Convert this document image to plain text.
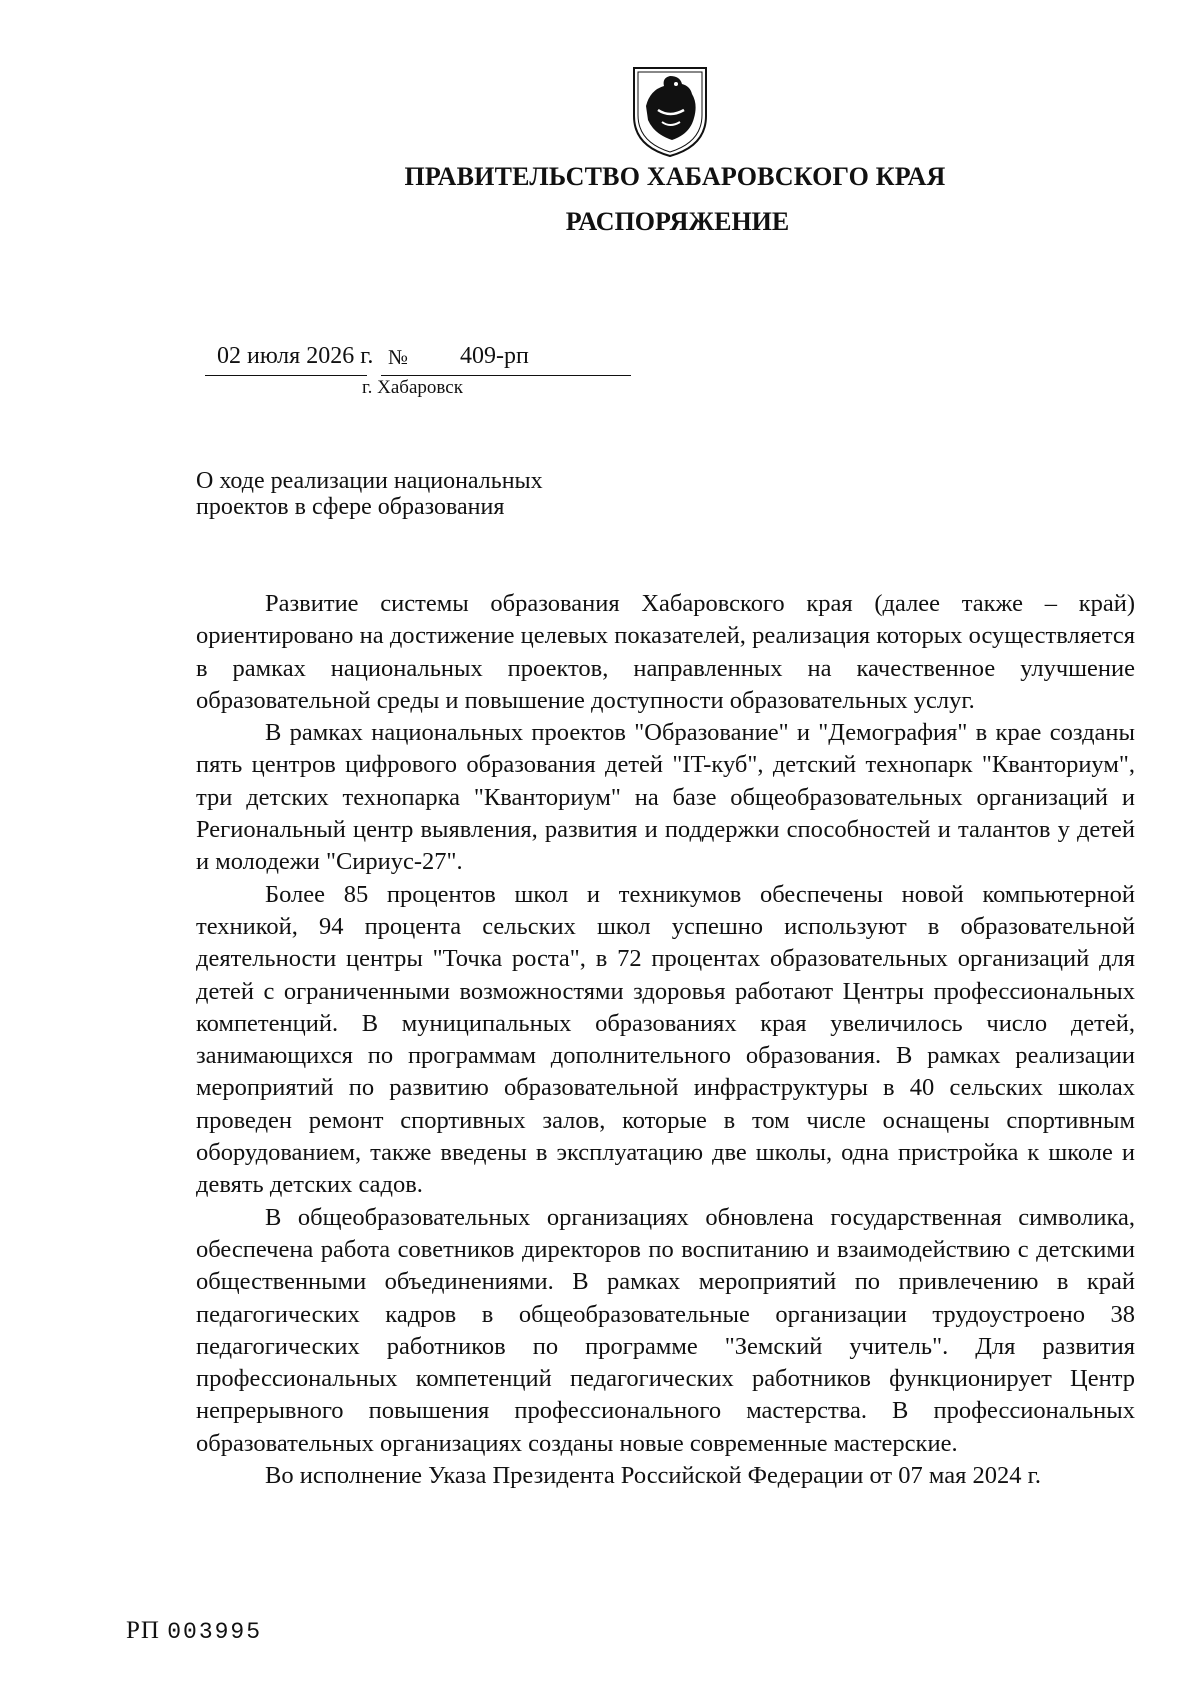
ПРАВИТЕЛЬСТВО ХАБАРОВСКОГО КРАЯ
РАСПОРЯЖЕНИЕ
02 июля 2026 г. № 409-рп
г. Хабаровск
О ходе реализации национальных
проектов в сфере образования

Развитие системы образования Хабаровского края (далее также – край) ориентировано на достижение целевых показателей, реализация которых осуществляется в рамках национальных проектов, направленных на качественное улучшение образовательной среды и повышение доступности образовательных услуг.

В рамках национальных проектов "Образование" и "Демография" в крае созданы пять центров цифрового образования детей "IT-куб", детский технопарк "Кванториум", три детских технопарка "Кванториум" на базе общеобразовательных организаций и Региональный центр выявления, развития и поддержки способностей и талантов у детей и молодежи "Сириус-27".

Более 85 процентов школ и техникумов обеспечены новой компьютерной техникой, 94 процента сельских школ успешно используют в образовательной деятельности центры "Точка роста", в 72 процентах образовательных организаций для детей с ограниченными возможностями здоровья работают Центры профессиональных компетенций. В муниципальных образованиях края увеличилось число детей, занимающихся по программам дополнительного образования. В рамках реализации мероприятий по развитию образовательной инфраструктуры в 40 сельских школах проведен ремонт спортивных залов, которые в том числе оснащены спортивным оборудованием, также введены в эксплуатацию две школы, одна пристройка к школе и девять детских садов.

В общеобразовательных организациях обновлена государственная символика, обеспечена работа советников директоров по воспитанию и взаимодействию с детскими общественными объединениями. В рамках мероприятий по привлечению в край педагогических кадров в общеобразовательные организации трудоустроено 38 педагогических работников по программе "Земский учитель". Для развития профессиональных компетенций педагогических работников функционирует Центр непрерывного повышения профессионального мастерства. В профессиональных образовательных организациях созданы новые современные мастерские.

Во исполнение Указа Президента Российской Федерации от 07 мая 2024 г.

РП 003995
